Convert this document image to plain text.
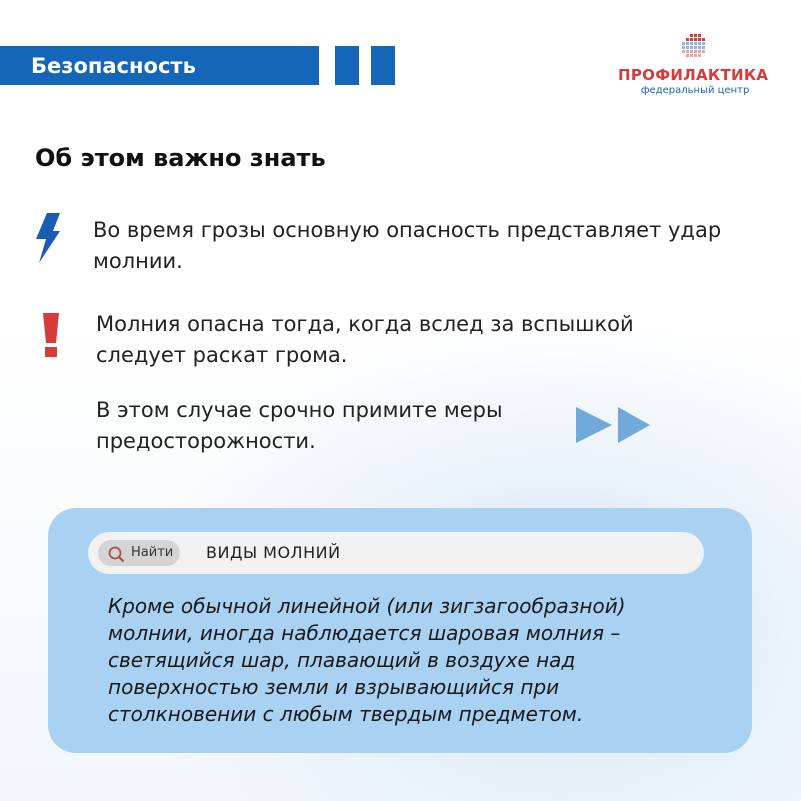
Безопасность	ПРОФИЛАКТИКА
федеральный центр
Об этом важно знать

Во время грозы основную опасность представляет удар молнии.

Молния опасна тогда, когда вслед за вспышкой следует раскат грома.

В этом случае срочно примите меры предосторожности.

Найти ВИДЫ МОЛНИЙ

Кроме обычной линейной (или зигзагообразной) молнии, иногда наблюдается шаровая молния – светящийся шар, плавающий в воздухе над поверхностью земли и взрывающийся при столкновении с любым твердым предметом.
